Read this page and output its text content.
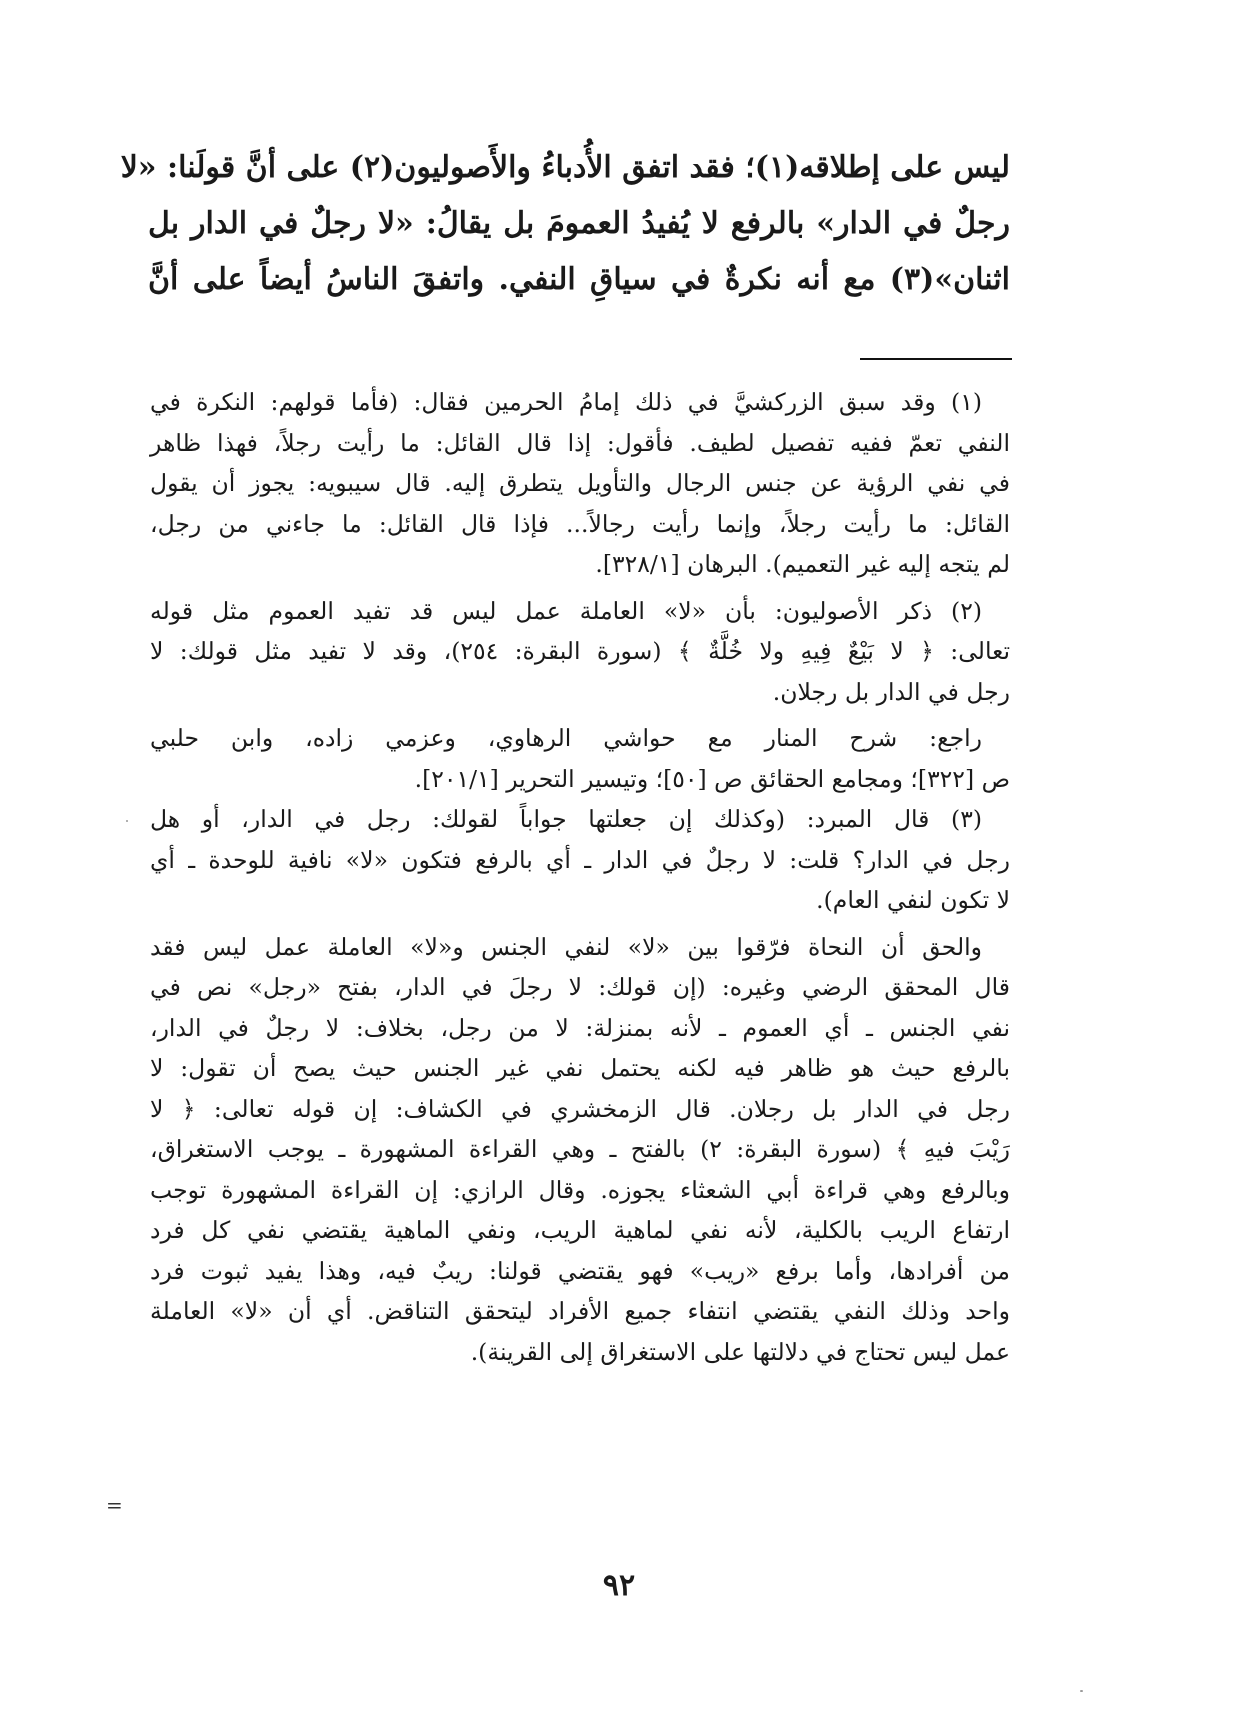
ليس على إطلاقه(١)؛ فقد اتفق الأُدباءُ والأَصوليون(٢) على أنَّ قولَنا: «لا
رجلٌ في الدار» بالرفع لا يُفيدُ العمومَ بل يقالُ: «لا رجلٌ في الدار بل
اثنان»(٣) مع أنه نكرةٌ في سياقِ النفي. واتفقَ الناسُ أيضاً على أنَّ
(١) وقد سبق الزركشيَّ في ذلك إمامُ الحرمين فقال: (فأما قولهم: النكرة في
النفي تعمّ ففيه تفصيل لطيف. فأقول: إذا قال القائل: ما رأيت رجلاً، فهذا ظاهر
في نفي الرؤية عن جنس الرجال والتأويل يتطرق إليه. قال سيبويه: يجوز أن يقول
القائل: ما رأيت رجلاً، وإنما رأيت رجالاً... فإذا قال القائل: ما جاءني من رجل،
لم يتجه إليه غير التعميم). البرهان [٣٢٨/١].
(٢) ذكر الأصوليون: بأن «لا» العاملة عمل ليس قد تفيد العموم مثل قوله
تعالى: ﴿ لا بَيْعٌ فِيهِ ولا خُلَّةٌ ﴾ (سورة البقرة: ٢٥٤)، وقد لا تفيد مثل قولك: لا
رجل في الدار بل رجلان.
راجع: شرح المنار مع حواشي الرهاوي، وعزمي زاده، وابن حلبي
ص [٣٢٢]؛ ومجامع الحقائق ص [٥٠]؛ وتيسير التحرير [٢٠١/١].
(٣) قال المبرد: (وكذلك إن جعلتها جواباً لقولك: رجل في الدار، أو هل
رجل في الدار؟ قلت: لا رجلٌ في الدار ـ أي بالرفع فتكون «لا» نافية للوحدة ـ أي
لا تكون لنفي العام).
والحق أن النحاة فرّقوا بين «لا» لنفي الجنس و«لا» العاملة عمل ليس فقد
قال المحقق الرضي وغيره: (إن قولك: لا رجلَ في الدار، بفتح «رجل» نص في
نفي الجنس ـ أي العموم ـ لأنه بمنزلة: لا من رجل، بخلاف: لا رجلٌ في الدار،
بالرفع حيث هو ظاهر فيه لكنه يحتمل نفي غير الجنس حيث يصح أن تقول: لا
رجل في الدار بل رجلان. قال الزمخشري في الكشاف: إن قوله تعالى: ﴿ لا
رَيْبَ فيهِ ﴾ (سورة البقرة: ٢) بالفتح ـ وهي القراءة المشهورة ـ يوجب الاستغراق،
وبالرفع وهي قراءة أبي الشعثاء يجوزه. وقال الرازي: إن القراءة المشهورة توجب
ارتفاع الريب بالكلية، لأنه نفي لماهية الريب، ونفي الماهية يقتضي نفي كل فرد
من أفرادها، وأما برفع «ريب» فهو يقتضي قولنا: ريبٌ فيه، وهذا يفيد ثبوت فرد
واحد وذلك النفي يقتضي انتفاء جميع الأفراد ليتحقق التناقض. أي أن «لا» العاملة
عمل ليس تحتاج في دلالتها على الاستغراق إلى القرينة).
=
٩٢
